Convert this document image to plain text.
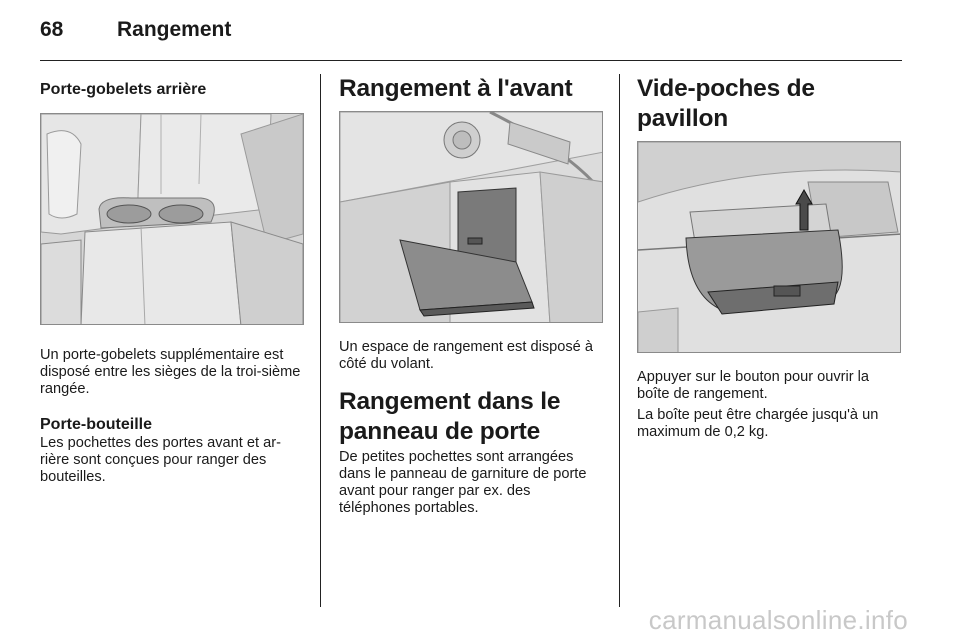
68	Rangement
Porte-gobelets arrière

Un porte-gobelets supplémentaire est disposé entre les sièges de la troi-sième rangée.

Porte-bouteille

Les pochettes des portes avant et ar-rière sont conçues pour ranger des bouteilles.

Rangement à l'avant

Un espace de rangement est disposé à côté du volant.

Rangement dans le panneau de porte

De petites pochettes sont arrangées dans le panneau de garniture de porte avant pour ranger par ex. des téléphones portables.

Vide-poches de pavillon

Appuyer sur le bouton pour ouvrir la boîte de rangement.

La boîte peut être chargée jusqu'à un maximum de 0,2 kg.

carmanualsonline.info
